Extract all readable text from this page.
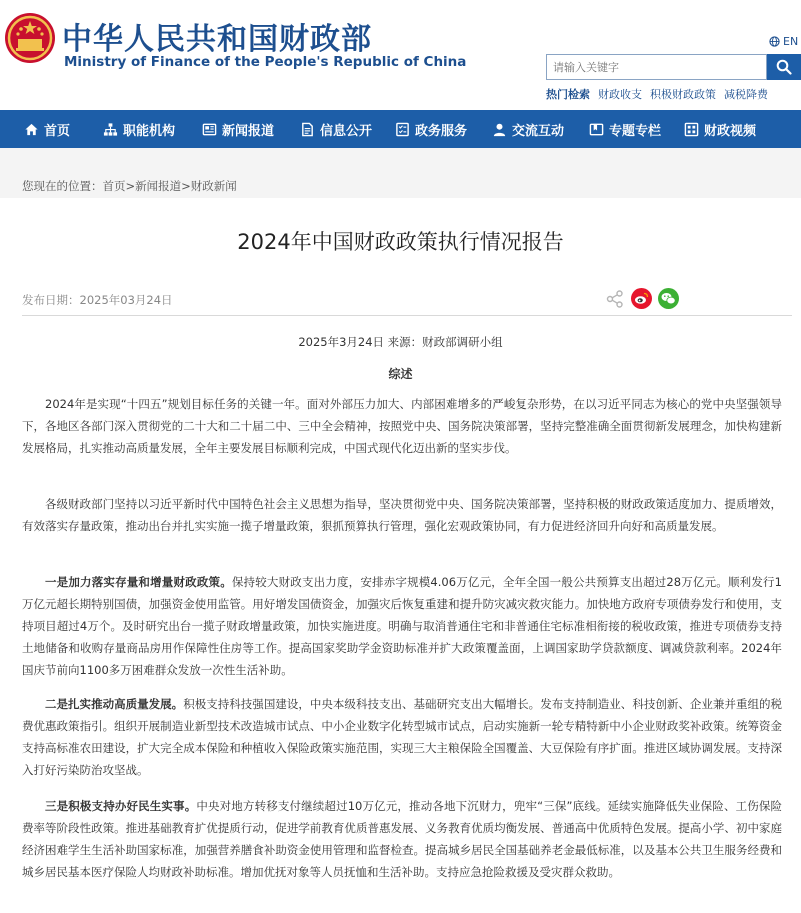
中华人民共和国财政部
Ministry of Finance of the People's Republic of China
EN
请输入关键字
热门检索 财政收支 积极财政政策 减税降费
首页	职能机构	新闻报道	信息公开	政务服务	交流互动	专题专栏	财政视频
您现在的位置：首页>新闻报道>财政新闻
2024年中国财政政策执行情况报告
发布日期：2025年03月24日
2025年3月24日 来源：财政部调研小组
综述
2024年是实现“十四五”规划目标任务的关键一年。面对外部压力加大、内部困难增多的严峻复杂形势，在以习近平同志为核心的党中央坚强领导下，各地区各部门深入贯彻党的二十大和二十届二中、三中全会精神，按照党中央、国务院决策部署，坚持完整准确全面贯彻新发展理念，加快构建新发展格局，扎实推动高质量发展，全年主要发展目标顺利完成，中国式现代化迈出新的坚实步伐。
各级财政部门坚持以习近平新时代中国特色社会主义思想为指导，坚决贯彻党中央、国务院决策部署，坚持积极的财政政策适度加力、提质增效，有效落实存量政策，推动出台并扎实实施一揽子增量政策，狠抓预算执行管理，强化宏观政策协同，有力促进经济回升向好和高质量发展。
一是加力落实存量和增量财政政策。保持较大财政支出力度，安排赤字规模4.06万亿元，全年全国一般公共预算支出超过28万亿元。顺利发行1万亿元超长期特别国债，加强资金使用监管。用好增发国债资金，加强灾后恢复重建和提升防灾减灾救灾能力。加快地方政府专项债券发行和使用，支持项目超过4万个。及时研究出台一揽子财政增量政策，加快实施进度。明确与取消普通住宅和非普通住宅标准相衔接的税收政策，推进专项债券支持土地储备和收购存量商品房用作保障性住房等工作。提高国家奖助学金资助标准并扩大政策覆盖面，上调国家助学贷款额度、调减贷款利率。2024年国庆节前向1100多万困难群众发放一次性生活补助。
二是扎实推动高质量发展。积极支持科技强国建设，中央本级科技支出、基础研究支出大幅增长。发布支持制造业、科技创新、企业兼并重组的税费优惠政策指引。组织开展制造业新型技术改造城市试点、中小企业数字化转型城市试点，启动实施新一轮专精特新中小企业财政奖补政策。统筹资金支持高标准农田建设，扩大完全成本保险和种植收入保险政策实施范围，实现三大主粮保险全国覆盖、大豆保险有序扩面。推进区域协调发展。支持深入打好污染防治攻坚战。
三是积极支持办好民生实事。中央对地方转移支付继续超过10万亿元，推动各地下沉财力，兜牢“三保”底线。延续实施降低失业保险、工伤保险费率等阶段性政策。推进基础教育扩优提质行动，促进学前教育优质普惠发展、义务教育优质均衡发展、普通高中优质特色发展。提高小学、初中家庭经济困难学生生活补助国家标准，加强营养膳食补助资金使用管理和监督检查。提高城乡居民全国基础养老金最低标准，以及基本公共卫生服务经费和城乡居民基本医疗保险人均财政补助标准。增加优抚对象等人员抚恤和生活补助。支持应急抢险救援及受灾群众救助。
